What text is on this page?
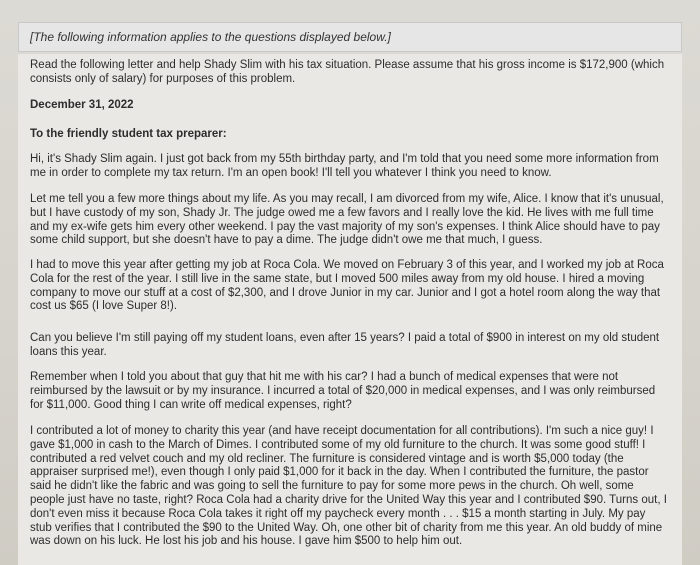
[The following information applies to the questions displayed below.]

Read the following letter and help Shady Slim with his tax situation. Please assume that his gross income is $172,900 (which consists only of salary) for purposes of this problem.

December 31, 2022

To the friendly student tax preparer:

Hi, it's Shady Slim again. I just got back from my 55th birthday party, and I'm told that you need some more information from me in order to complete my tax return. I'm an open book! I'll tell you whatever I think you need to know.

Let me tell you a few more things about my life. As you may recall, I am divorced from my wife, Alice. I know that it's unusual, but I have custody of my son, Shady Jr. The judge owed me a few favors and I really love the kid. He lives with me full time and my ex-wife gets him every other weekend. I pay the vast majority of my son's expenses. I think Alice should have to pay some child support, but she doesn't have to pay a dime. The judge didn't owe me that much, I guess.

I had to move this year after getting my job at Roca Cola. We moved on February 3 of this year, and I worked my job at Roca Cola for the rest of the year. I still live in the same state, but I moved 500 miles away from my old house. I hired a moving company to move our stuff at a cost of $2,300, and I drove Junior in my car. Junior and I got a hotel room along the way that cost us $65 (I love Super 8!).

Can you believe I'm still paying off my student loans, even after 15 years? I paid a total of $900 in interest on my old student loans this year.

Remember when I told you about that guy that hit me with his car? I had a bunch of medical expenses that were not reimbursed by the lawsuit or by my insurance. I incurred a total of $20,000 in medical expenses, and I was only reimbursed for $11,000. Good thing I can write off medical expenses, right?

I contributed a lot of money to charity this year (and have receipt documentation for all contributions). I'm such a nice guy! I gave $1,000 in cash to the March of Dimes. I contributed some of my old furniture to the church. It was some good stuff! I contributed a red velvet couch and my old recliner. The furniture is considered vintage and is worth $5,000 today (the appraiser surprised me!), even though I only paid $1,000 for it back in the day. When I contributed the furniture, the pastor said he didn't like the fabric and was going to sell the furniture to pay for some more pews in the church. Oh well, some people just have no taste, right? Roca Cola had a charity drive for the United Way this year and I contributed $90. Turns out, I don't even miss it because Roca Cola takes it right off my paycheck every month . . . $15 a month starting in July. My pay stub verifies that I contributed the $90 to the United Way. Oh, one other bit of charity from me this year. An old buddy of mine was down on his luck. He lost his job and his house. I gave him $500 to help him out.
